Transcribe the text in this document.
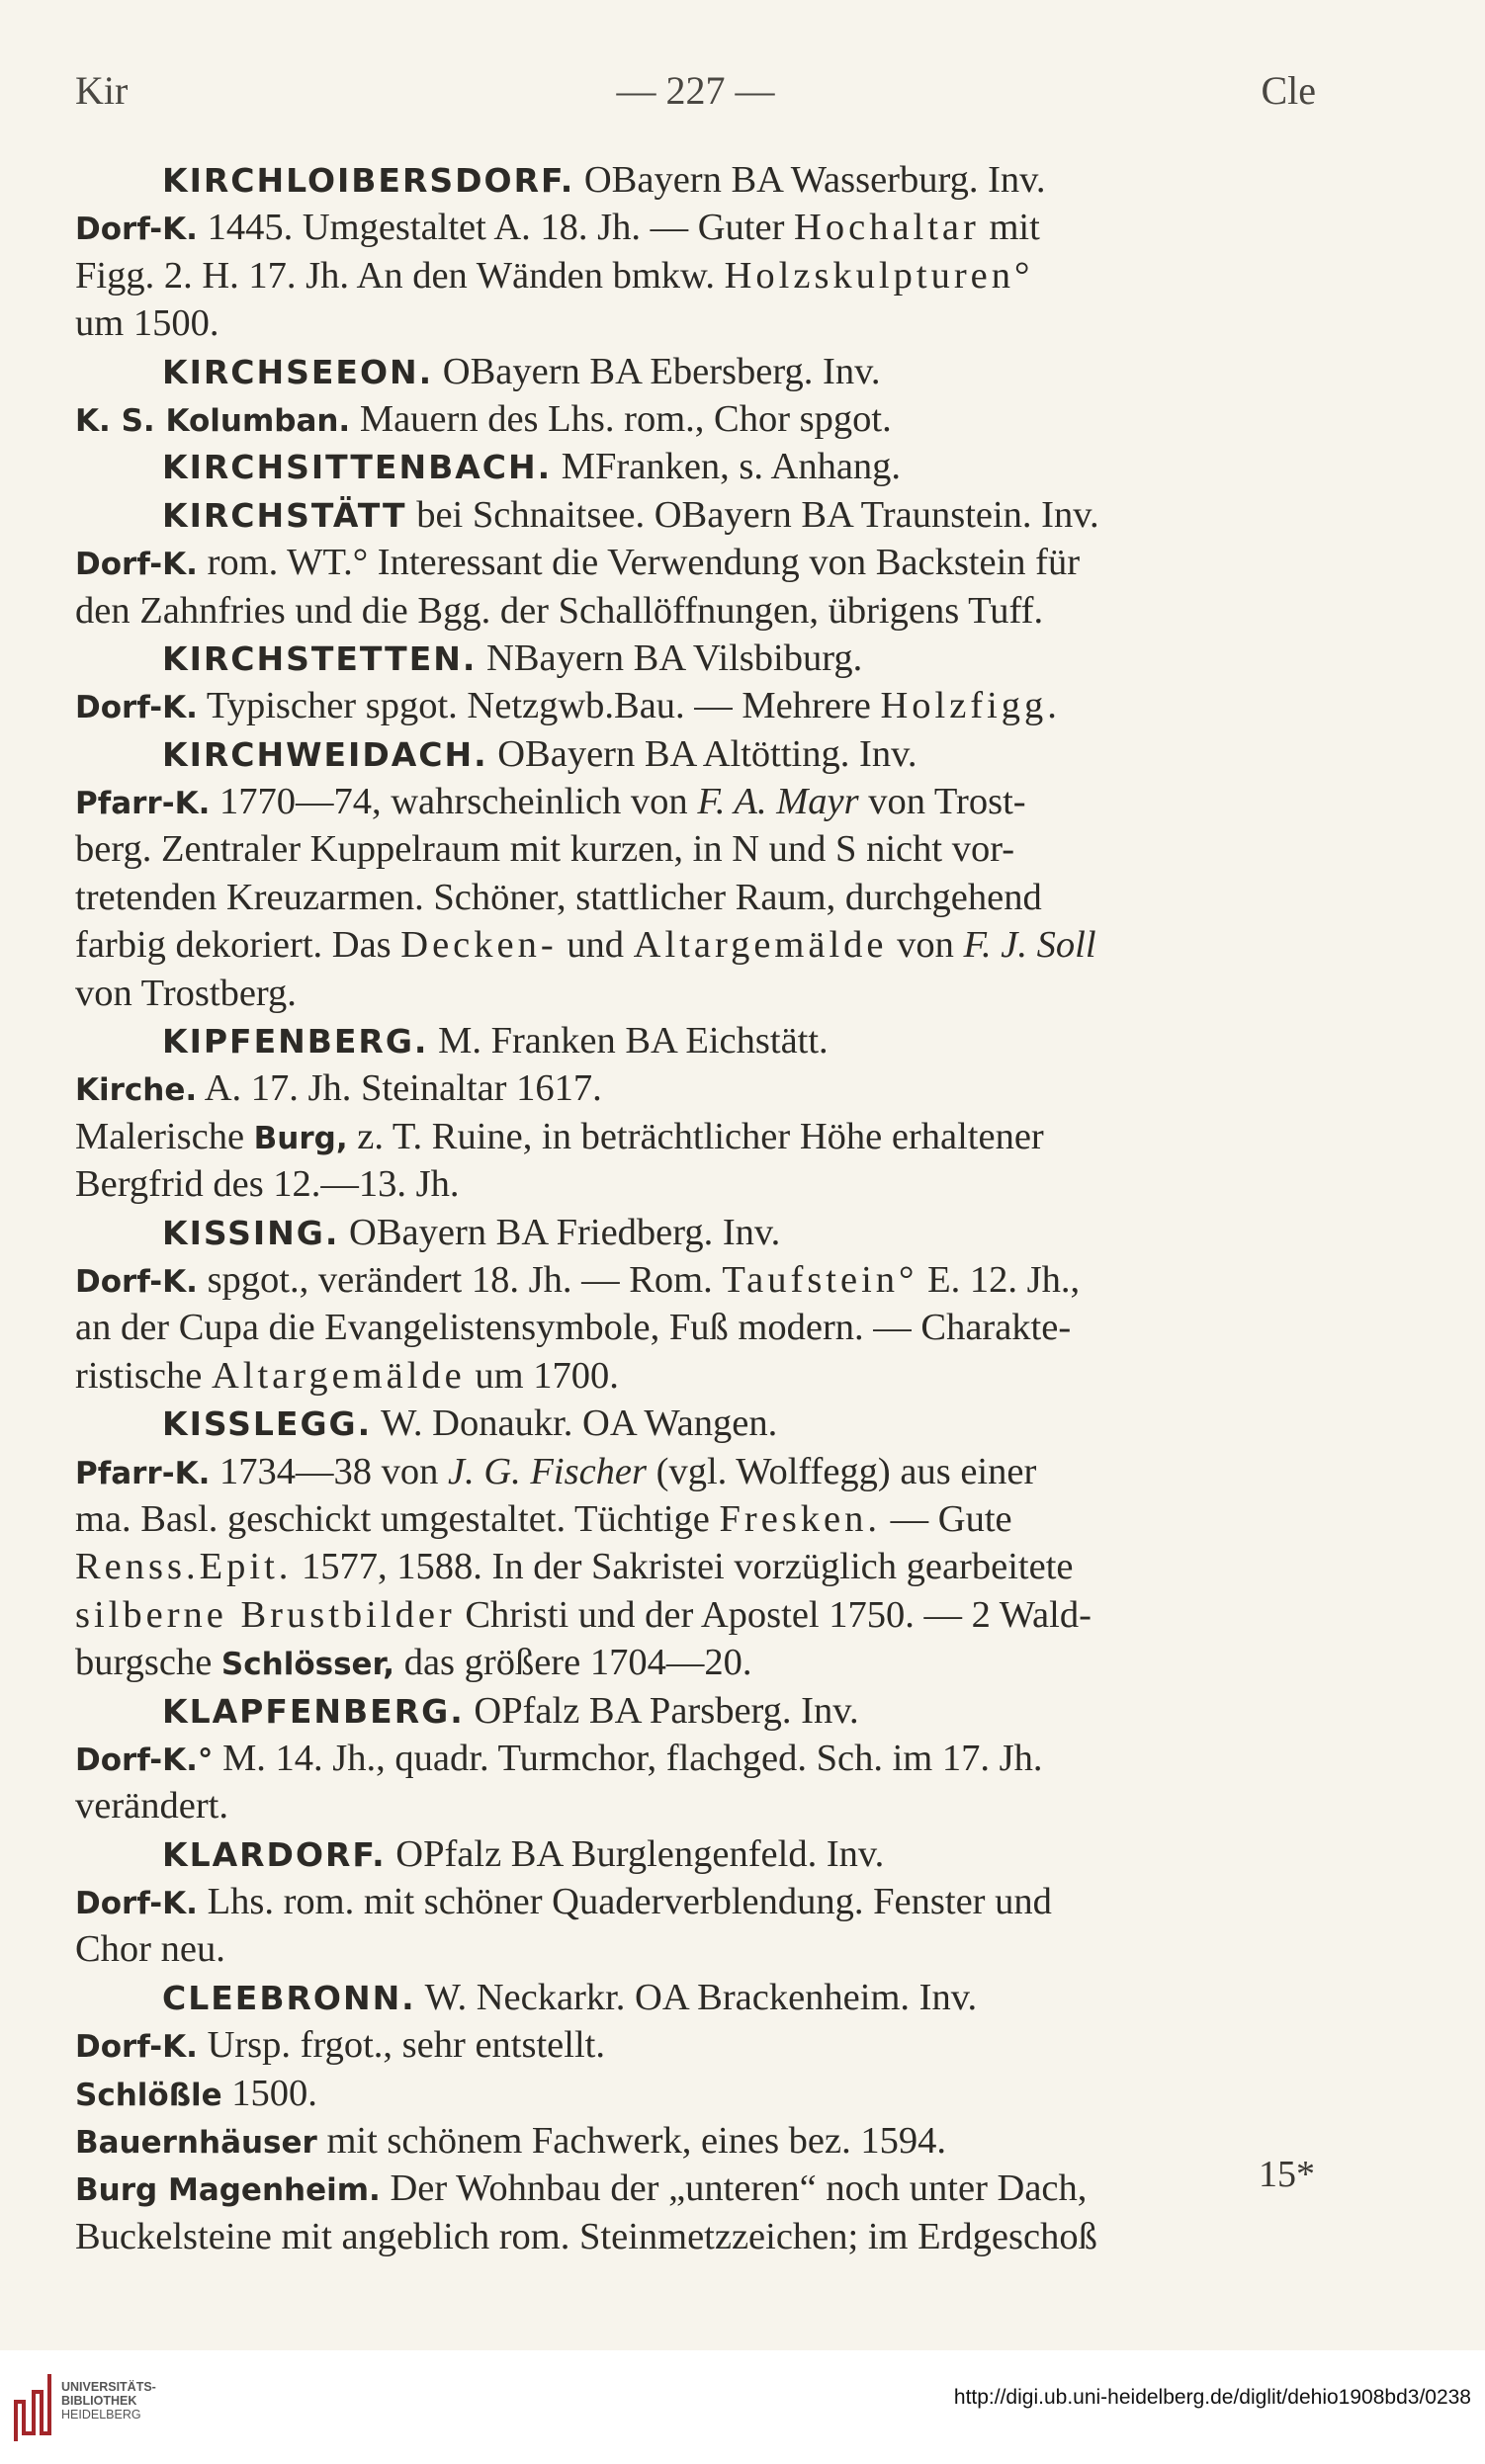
Kir	— 227 —	Cle
KIRCHLOIBERSDORF. OBayern BA Wasserburg. Inv.
Dorf-K. 1445. Umgestaltet A. 18. Jh. — Guter Hochaltar mit
Figg. 2. H. 17. Jh. An den Wänden bmkw. Holzskulpturen°
um 1500.
KIRCHSEEON. OBayern BA Ebersberg. Inv.
K. S. Kolumban. Mauern des Lhs. rom., Chor spgot.
KIRCHSITTENBACH. MFranken, s. Anhang.
KIRCHSTÄTT bei Schnaitsee. OBayern BA Traunstein. Inv.
Dorf-K. rom. WT.° Interessant die Verwendung von Backstein für
den Zahnfries und die Bgg. der Schallöffnungen, übrigens Tuff.
KIRCHSTETTEN. NBayern BA Vilsbiburg.
Dorf-K. Typischer spgot. Netzgwb.Bau. — Mehrere Holzfigg.
KIRCHWEIDACH. OBayern BA Altötting. Inv.
Pfarr-K. 1770—74, wahrscheinlich von F. A. Mayr von Trost-
berg. Zentraler Kuppelraum mit kurzen, in N und S nicht vor-
tretenden Kreuzarmen. Schöner, stattlicher Raum, durchgehend
farbig dekoriert. Das Decken- und Altargemälde von F. J. Soll
von Trostberg.
KIPFENBERG. M. Franken BA Eichstätt.
Kirche. A. 17. Jh. Steinaltar 1617.
Malerische Burg, z. T. Ruine, in beträchtlicher Höhe erhaltener
Bergfrid des 12.—13. Jh.
KISSING. OBayern BA Friedberg. Inv.
Dorf-K. spgot., verändert 18. Jh. — Rom. Taufstein° E. 12. Jh.,
an der Cupa die Evangelistensymbole, Fuß modern. — Charakte-
ristische Altargemälde um 1700.
KISSLEGG. W. Donaukr. OA Wangen.
Pfarr-K. 1734—38 von J. G. Fischer (vgl. Wolffegg) aus einer
ma. Basl. geschickt umgestaltet. Tüchtige Fresken. — Gute
Renss.Epit. 1577, 1588. In der Sakristei vorzüglich gearbeitete
silberne Brustbilder Christi und der Apostel 1750. — 2 Wald-
burgsche Schlösser, das größere 1704—20.
KLAPFENBERG. OPfalz BA Parsberg. Inv.
Dorf-K.° M. 14. Jh., quadr. Turmchor, flachged. Sch. im 17. Jh.
verändert.
KLARDORF. OPfalz BA Burglengenfeld. Inv.
Dorf-K. Lhs. rom. mit schöner Quaderverblendung. Fenster und
Chor neu.
CLEEBRONN. W. Neckarkr. OA Brackenheim. Inv.
Dorf-K. Ursp. frgot., sehr entstellt.
Schlößle 1500.
Bauernhäuser mit schönem Fachwerk, eines bez. 1594.
Burg Magenheim. Der Wohnbau der „unteren“ noch unter Dach,
Buckelsteine mit angeblich rom. Steinmetzzeichen; im Erdgeschoß
15*
UNIVERSITÄTS-
BIBLIOTHEK
HEIDELBERG
http://digi.ub.uni-heidelberg.de/diglit/dehio1908bd3/0238
